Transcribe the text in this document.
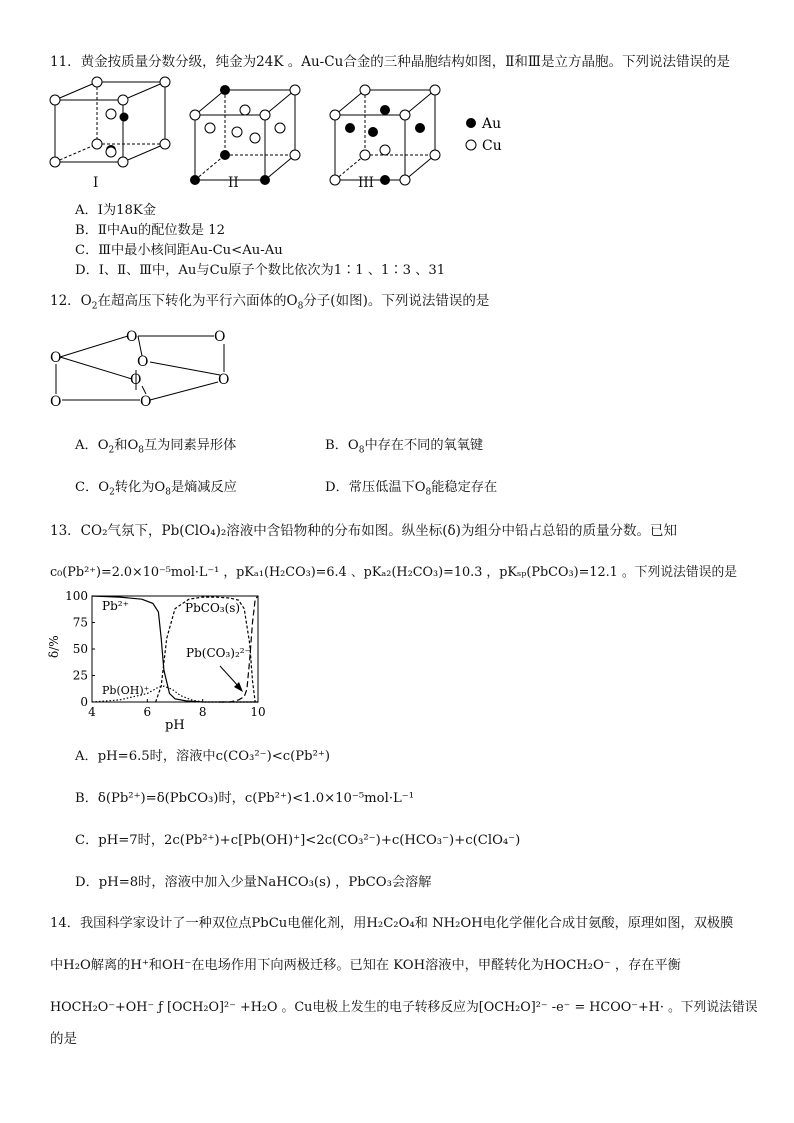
11．黄金按质量分数分级，纯金为24K 。Au-Cu合金的三种晶胞结构如图，Ⅱ和Ⅲ是立方晶胞。下列说法错误的是
Au
Cu
I	II	III
A．I为18K金
B．Ⅱ中Au的配位数是 12
C．Ⅲ中最小核间距Au-Cu<Au-Au
D．I、Ⅱ、Ⅲ中，Au与Cu原子个数比依次为1∶1 、1∶3 、31
12．$O_2$在超高压下转化为平行六面体的$O_8$分子(如图)。下列说法错误的是
O
O	O
O
O	O
O	O
A．$O_2$和$O_8$互为同素异形体	B．$O_8$中存在不同的氧氧键
C．$O_2$转化为$O_8$是熵减反应	D．常压低温下$O_8$能稳定存在
13．CO₂气氛下，Pb(ClO₄)₂溶液中含铅物种的分布如图。纵坐标(δ)为组分中铅占总铅的质量分数。已知
c₀(Pb²⁺)=2.0×10⁻⁵mol·L⁻¹ ，pKₐ₁(H₂CO₃)=6.4 、pKₐ₂(H₂CO₃)=10.3 ，pKₛₚ(PbCO₃)=12.1 。下列说法错误的是
4	6	8	10
0
25
50
75
100
δ/%
pH
Pb²⁺	PbCO₃(s)
Pb(CO₃)₂²⁻
Pb(OH)⁺
A．pH=6.5时，溶液中c(CO₃²⁻)<c(Pb²⁺)
B．δ(Pb²⁺)=δ(PbCO₃)时，c(Pb²⁺)<1.0×10⁻⁵mol·L⁻¹
C．pH=7时，2c(Pb²⁺)+c[Pb(OH)⁺]<2c(CO₃²⁻)+c(HCO₃⁻)+c(ClO₄⁻)
D．pH=8时，溶液中加入少量NaHCO₃(s) ，PbCO₃会溶解
14．我国科学家设计了一种双位点PbCu电催化剂，用H₂C₂O₄和 NH₂OH电化学催化合成甘氨酸，原理如图，双极膜
中H₂O解离的H⁺和OH⁻在电场作用下向两极迁移。已知在 KOH溶液中，甲醛转化为HOCH₂O⁻ ，存在平衡
HOCH₂O⁻+OH⁻ ƒ [OCH₂O]²⁻ +H₂O 。Cu电极上发生的电子转移反应为[OCH₂O]²⁻ -e⁻ = HCOO⁻+H· 。下列说法错误
的是
